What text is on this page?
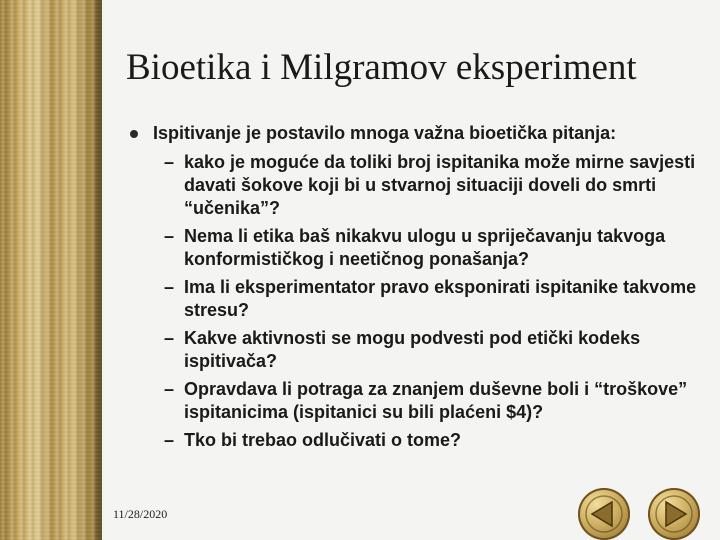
Bioetika i Milgramov eksperiment
Ispitivanje je postavilo mnoga važna bioetička pitanja:
– kako je moguće da toliki broj ispitanika može mirne savjesti davati šokove koji bi u stvarnoj situaciji doveli do smrti “učenika”?
– Nema li etika baš nikakvu ulogu u spriječavanju takvoga konformističkog i neetičnog ponašanja?
– Ima li eksperimentator pravo eksponirati ispitanike takvome stresu?
– Kakve aktivnosti se mogu podvesti pod etički kodeks ispitivača?
– Opravdava li potraga za znanjem duševne boli i “troškove” ispitanicima (ispitanici su bili plaćeni $4)?
– Tko bi trebao odlučivati o tome?
11/28/2020
